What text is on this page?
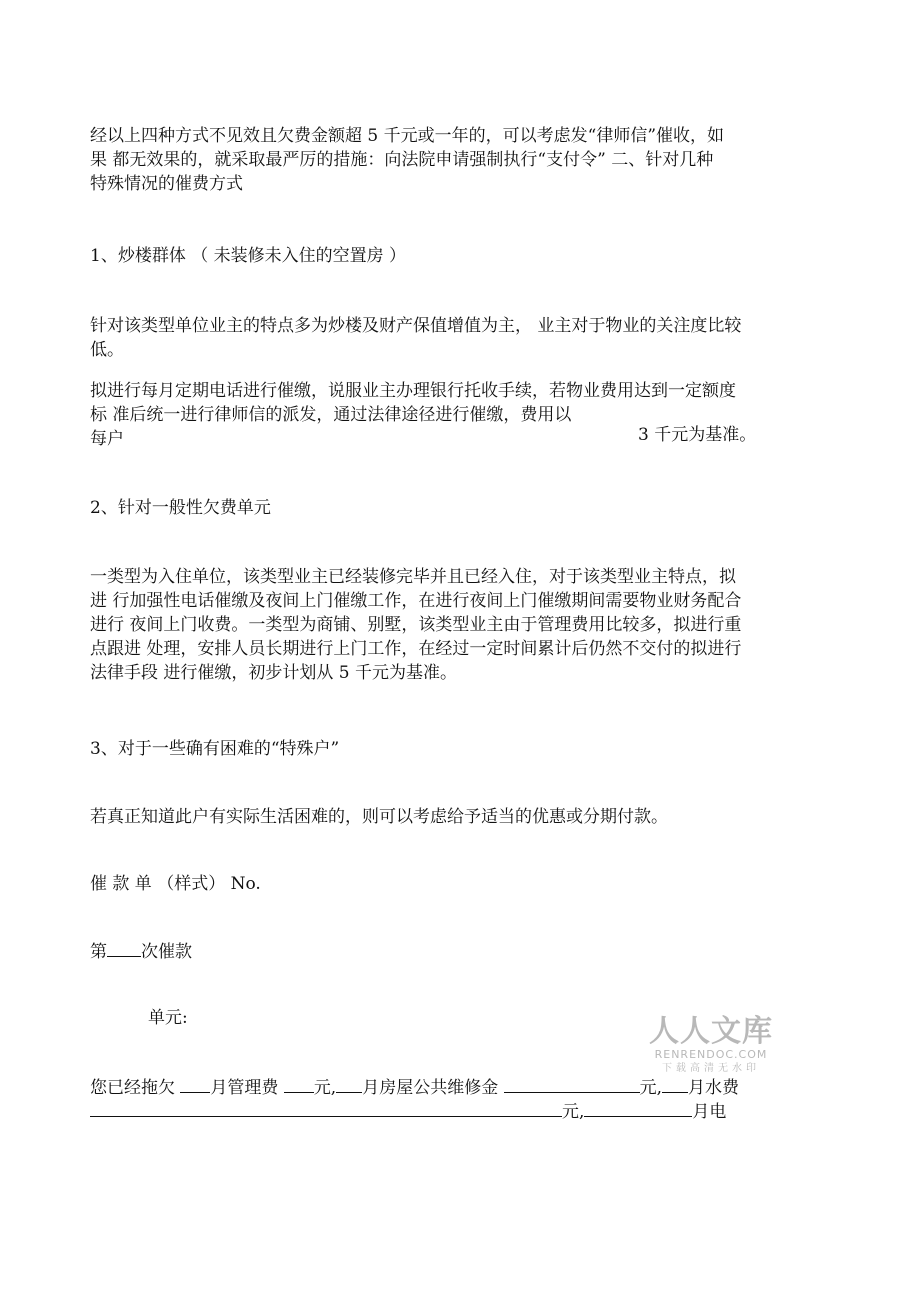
经以上四种方式不见效且欠费金额超 5 千元或一年的，可以考虑发“律师信”催收，如
果 都无效果的，就采取最严厉的措施：向法院申请强制执行“支付令” 二、针对几种
特殊情况的催费方式
1、炒楼群体 （ 未装修未入住的空置房 ）
针对该类型单位业主的特点多为炒楼及财产保值增值为主， 业主对于物业的关注度比较
低。
拟进行每月定期电话进行催缴，说服业主办理银行托收手续，若物业费用达到一定额度
标 准后统一进行律师信的派发，通过法律途径进行催缴，费用以
每户	3 千元为基准。
2、针对一般性欠费单元
一类型为入住单位，该类型业主已经装修完毕并且已经入住，对于该类型业主特点，拟
进 行加强性电话催缴及夜间上门催缴工作，在进行夜间上门催缴期间需要物业财务配合
进行 夜间上门收费。一类型为商铺、别墅，该类型业主由于管理费用比较多，拟进行重
点跟进 处理，安排人员长期进行上门工作，在经过一定时间累计后仍然不交付的拟进行
法律手段 进行催缴，初步计划从 5 千元为基准。
3、对于一些确有困难的“特殊户”
若真正知道此户有实际生活困难的，则可以考虑给予适当的优惠或分期付款。
催 款 单 （样式） No.
第 次催款
单元:
您已经拖欠 月管理费 元, 月房屋公共维修金	元, 月水费
元,	月电
人人文库
RENRENDOC.COM
下载高清无水印
